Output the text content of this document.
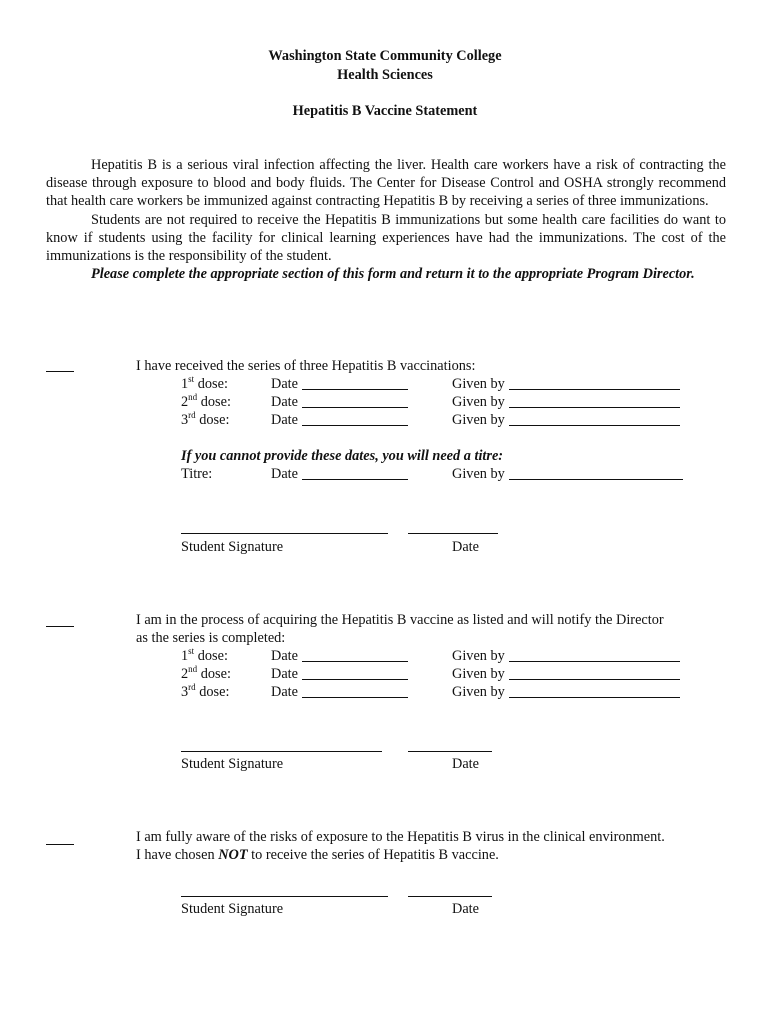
Washington State Community College
Health Sciences
Hepatitis B Vaccine Statement

Hepatitis B is a serious viral infection affecting the liver. Health care workers have a risk of contracting the disease through exposure to blood and body fluids. The Center for Disease Control and OSHA strongly recommend that health care workers be immunized against contracting Hepatitis B by receiving a series of three immunizations.

Students are not required to receive the Hepatitis B immunizations but some health care facilities do want to know if students using the facility for clinical learning experiences have had the immunizations. The cost of the immunizations is the responsibility of the student.

Please complete the appropriate section of this form and return it to the appropriate Program Director.

I have received the series of three Hepatitis B vaccinations:
1st dose:	Date	Given by
2nd dose:	Date	Given by
3rd dose:	Date	Given by
If you cannot provide these dates, you will need a titre:
Titre:	Date	Given by
Student Signature	Date
I am in the process of acquiring the Hepatitis B vaccine as listed and will notify the Director
as the series is completed:
1st dose:	Date	Given by
2nd dose:	Date	Given by
3rd dose:	Date	Given by
Student Signature	Date
I am fully aware of the risks of exposure to the Hepatitis B virus in the clinical environment.
I have chosen NOT to receive the series of Hepatitis B vaccine.
Student Signature	Date
